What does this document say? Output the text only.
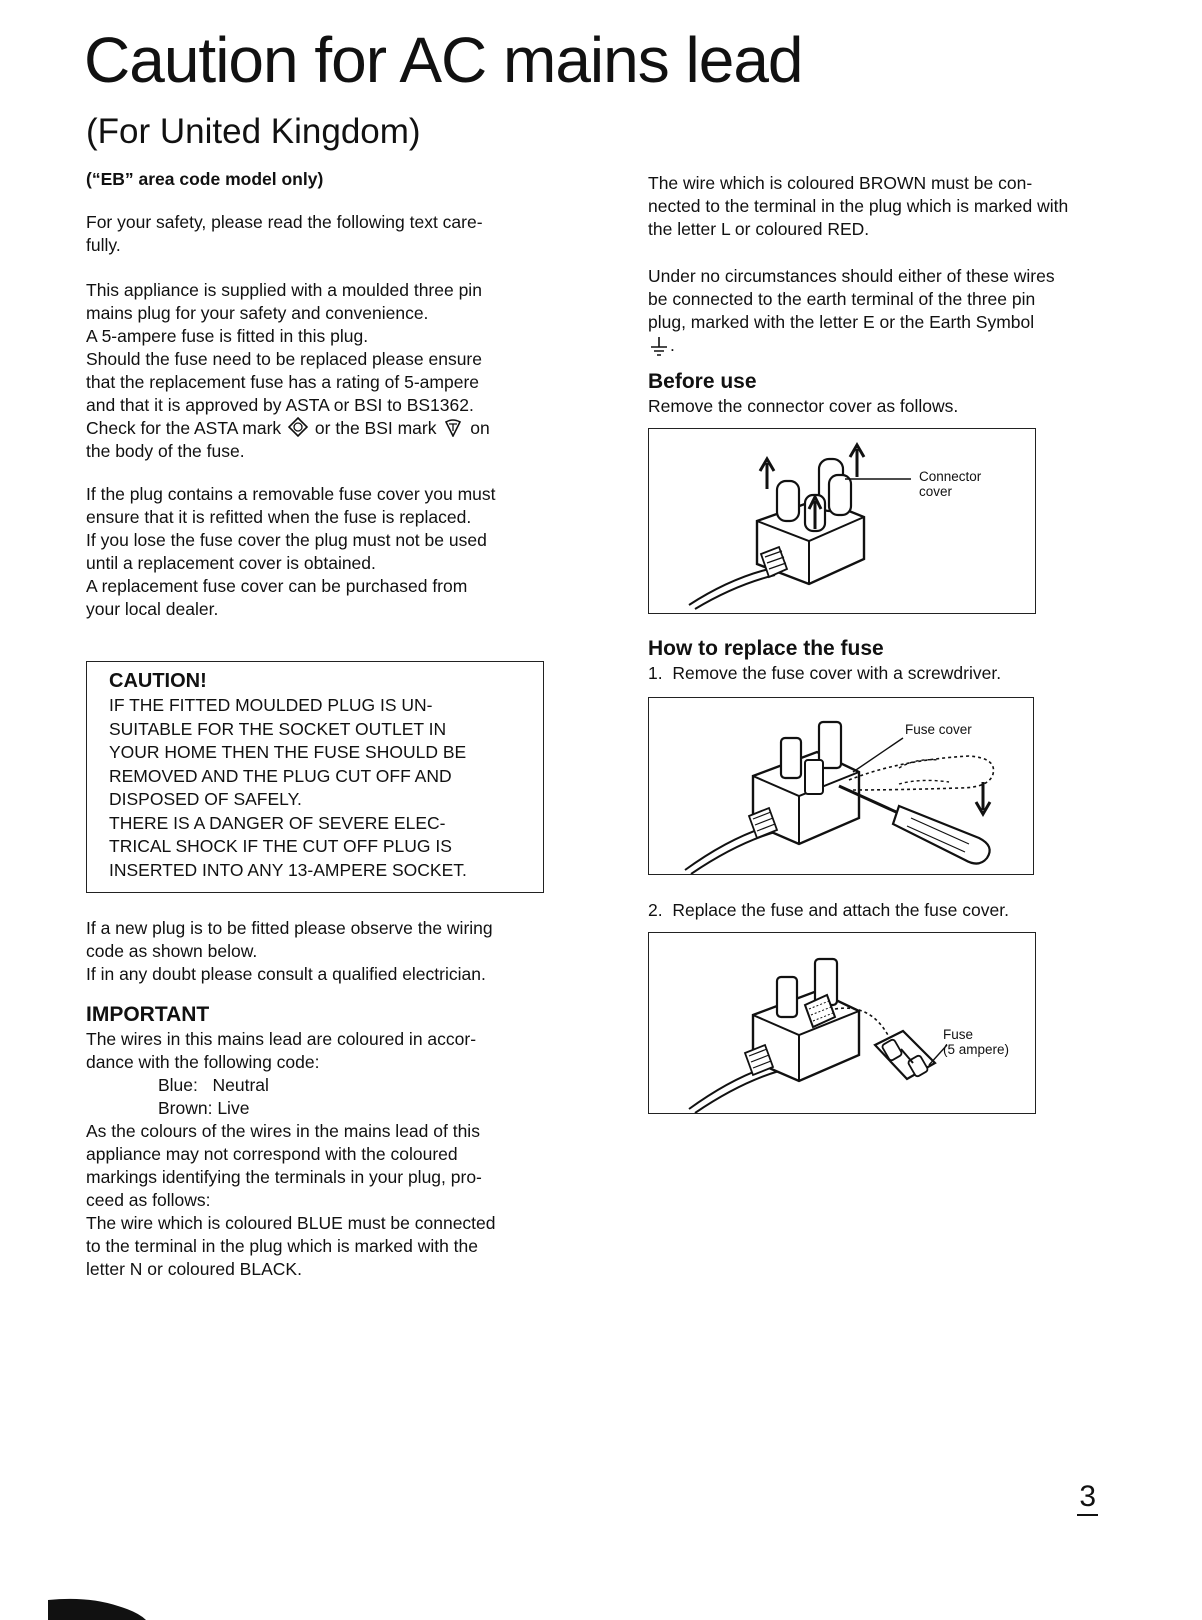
Caution for AC mains lead
(For United Kingdom)

(“EB” area code model only)

For your safety, please read the following text care-
fully.

This appliance is supplied with a moulded three pin
mains plug for your safety and convenience.
A 5-ampere fuse is fitted in this plug.
Should the fuse need to be replaced please ensure
that the replacement fuse has a rating of 5-ampere
and that it is approved by ASTA or BSI to BS1362.
Check for the ASTA mark or the BSI mark on
the body of the fuse.

If the plug contains a removable fuse cover you must
ensure that it is refitted when the fuse is replaced.
If you lose the fuse cover the plug must not be used
until a replacement cover is obtained.
A replacement fuse cover can be purchased from
your local dealer.

CAUTION!
IF THE FITTED MOULDED PLUG IS UN-
SUITABLE FOR THE SOCKET OUTLET IN
YOUR HOME THEN THE FUSE SHOULD BE
REMOVED AND THE PLUG CUT OFF AND
DISPOSED OF SAFELY.
THERE IS A DANGER OF SEVERE ELEC-
TRICAL SHOCK IF THE CUT OFF PLUG IS
INSERTED INTO ANY 13-AMPERE SOCKET.

If a new plug is to be fitted please observe the wiring
code as shown below.
If in any doubt please consult a qualified electrician.

IMPORTANT

The wires in this mains lead are coloured in accor-
dance with the following code:
Blue:   Neutral
Brown: Live
As the colours of the wires in the mains lead of this
appliance may not correspond with the coloured
markings identifying the terminals in your plug, pro-
ceed as follows:
The wire which is coloured BLUE must be connected
to the terminal in the plug which is marked with the
letter N or coloured BLACK.

The wire which is coloured BROWN must be con-
nected to the terminal in the plug which is marked with
the letter L or coloured RED.

Under no circumstances should either of these wires
be connected to the earth terminal of the three pin
plug, marked with the letter E or the Earth Symbol
.

Before use

Remove the connector cover as follows.

Connector
cover
How to replace the fuse

1.  Remove the fuse cover with a screwdriver.

Fuse cover

2.  Replace the fuse and attach the fuse cover.

Fuse
(5 ampere)
3
